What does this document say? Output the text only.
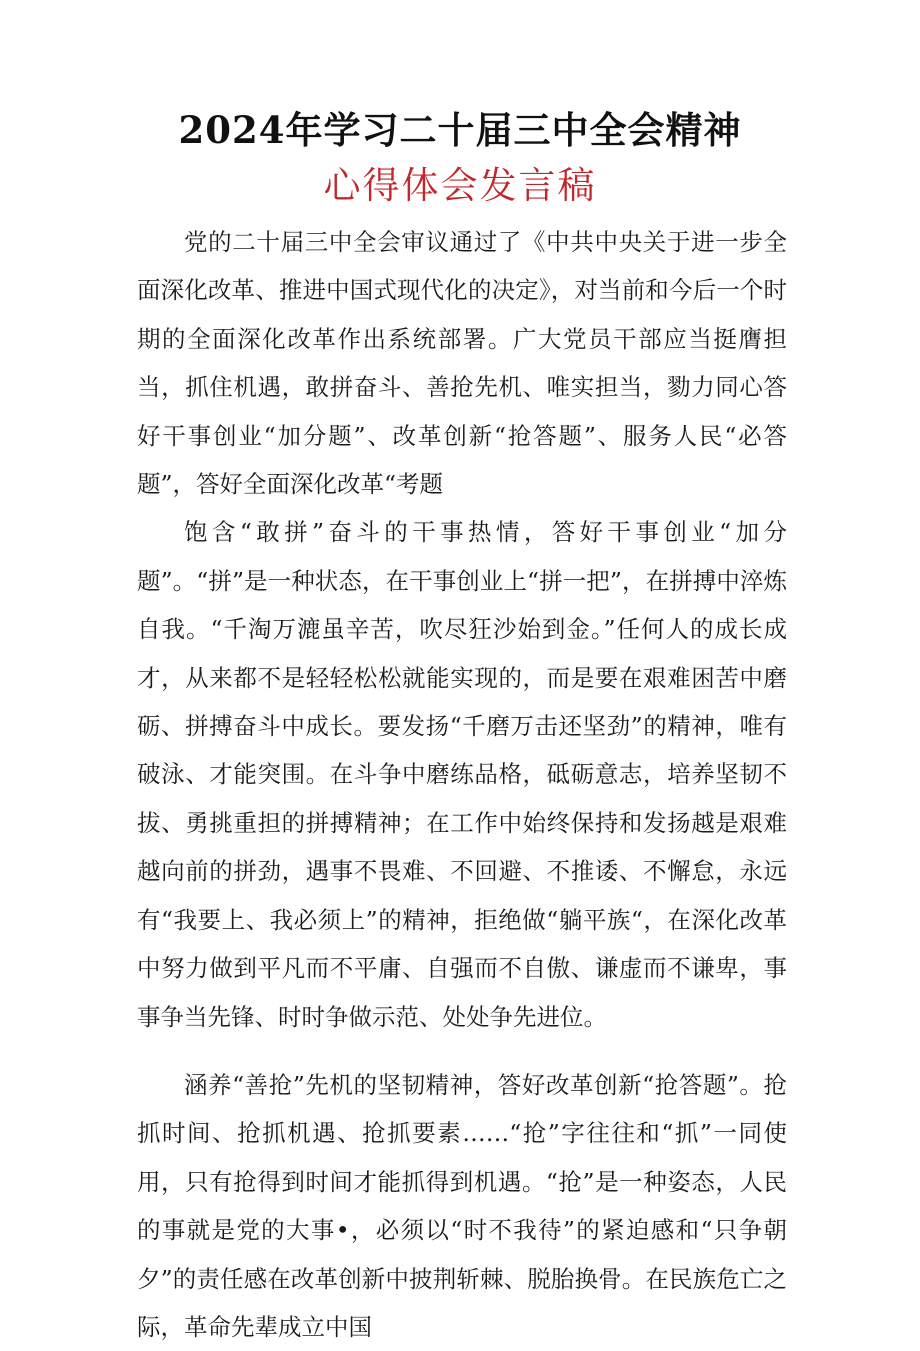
2024年学习二十届三中全会精神
心得体会发言稿

党的二十届三中全会审议通过了《中共中央关于进一步全面深化改革、推进中国式现代化的决定》，对当前和今后一个时期的全面深化改革作出系统部署。广大党员干部应当挺膺担当，抓住机遇，敢拼奋斗、善抢先机、唯实担当，勠力同心答好干事创业“加分题”、改革创新“抢答题”、服务人民“必答题”，答好全面深化改革“考题

饱含“敢拼”奋斗的干事热情，答好干事创业“加分题”。“拼”是一种状态，在干事创业上“拼一把”，在拼搏中淬炼自我。“千淘万漉虽辛苦，吹尽狂沙始到金。”任何人的成长成才，从来都不是轻轻松松就能实现的，而是要在艰难困苦中磨砺、拼搏奋斗中成长。要发扬“千磨万击还坚劲”的精神，唯有破泳、才能突围。在斗争中磨练品格，砥砺意志，培养坚韧不拔、勇挑重担的拼搏精神；在工作中始终保持和发扬越是艰难越向前的拼劲，遇事不畏难、不回避、不推诿、不懈怠，永远有“我要上、我必须上”的精神，拒绝做“躺平族“，在深化改革中努力做到平凡而不平庸、自强而不自傲、谦虚而不谦卑，事事争当先锋、时时争做示范、处处争先进位。

涵养“善抢”先机的坚韧精神，答好改革创新“抢答题”。抢抓时间、抢抓机遇、抢抓要素……“抢”字往往和“抓”一同使用，只有抢得到时间才能抓得到机遇。“抢”是一种姿态，人民的事就是党的大事•，必须以“时不我待”的紧迫感和“只争朝夕”的责任感在改革创新中披荆斩棘、脱胎换骨。在民族危亡之际，革命先辈成立中国
